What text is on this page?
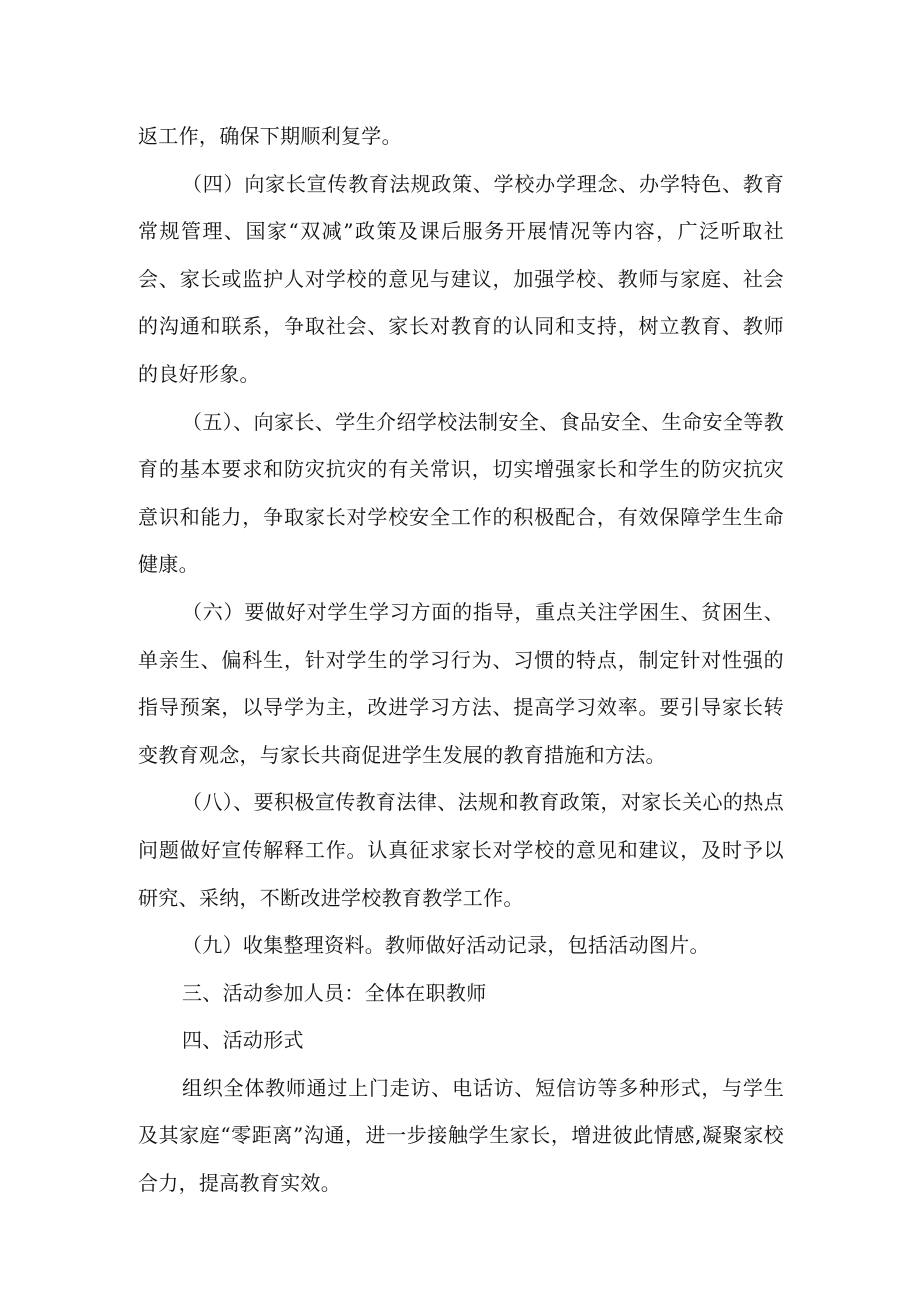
返工作，确保下期顺利复学。

（四）向家长宣传教育法规政策、学校办学理念、办学特色、教育常规管理、国家“双减”政策及课后服务开展情况等内容，广泛听取社会、家长或监护人对学校的意见与建议，加强学校、教师与家庭、社会的沟通和联系，争取社会、家长对教育的认同和支持，树立教育、教师的良好形象。

（五）、向家长、学生介绍学校法制安全、食品安全、生命安全等教育的基本要求和防灾抗灾的有关常识，切实增强家长和学生的防灾抗灾意识和能力，争取家长对学校安全工作的积极配合，有效保障学生生命健康。

（六）要做好对学生学习方面的指导，重点关注学困生、贫困生、单亲生、偏科生，针对学生的学习行为、习惯的特点，制定针对性强的指导预案，以导学为主，改进学习方法、提高学习效率。要引导家长转变教育观念，与家长共商促进学生发展的教育措施和方法。

（八）、要积极宣传教育法律、法规和教育政策，对家长关心的热点问题做好宣传解释工作。认真征求家长对学校的意见和建议，及时予以研究、采纳，不断改进学校教育教学工作。

（九）收集整理资料。教师做好活动记录，包括活动图片。

三、活动参加人员：全体在职教师

四、活动形式

组织全体教师通过上门走访、电话访、短信访等多种形式，与学生及其家庭“零距离”沟通，进一步接触学生家长，增进彼此情感,凝聚家校合力，提高教育实效。
